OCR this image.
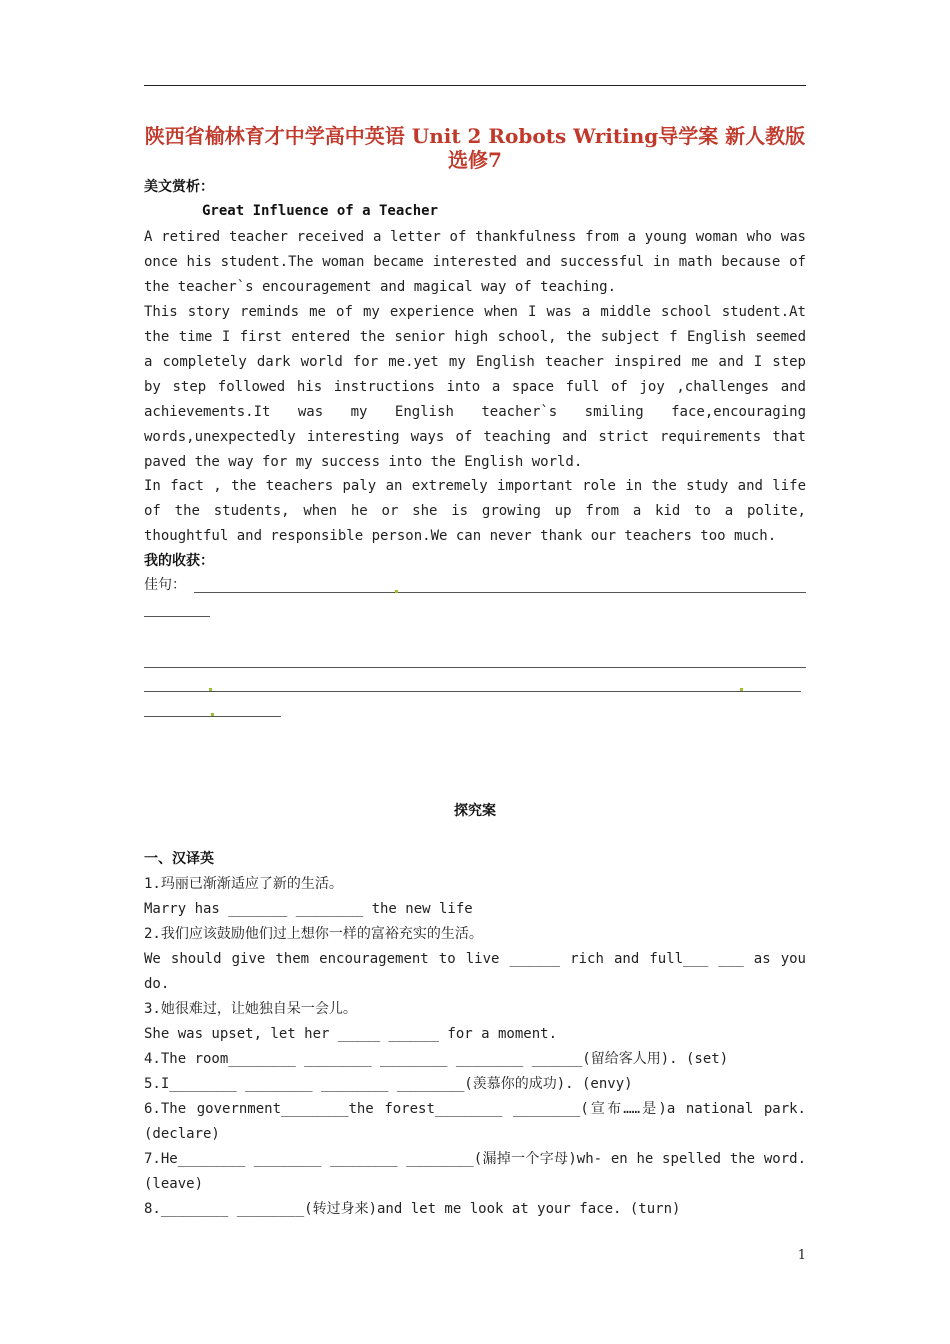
陕西省榆林育才中学高中英语 Unit 2 Robots Writing导学案 新人教版选修7
美文赏析：
Great Influence of a Teacher
A retired teacher received a letter of thankfulness from a young woman who was once his student.The woman became interested and successful in math because of the teacher`s encouragement and magical way of teaching.
This story reminds me of my experience when I was a middle school student.At the time I first entered the senior high school, the subject f English seemed a completely dark world for me.yet my English teacher inspired me and I step by step followed his instructions into a space full of joy ,challenges and achievements.It was my English teacher`s smiling face,encouraging words,unexpectedly interesting ways of teaching and strict requirements that paved the way for my success into the English world.
In fact , the teachers paly an extremely important role in the study and life of the students, when he or she is growing up from a kid to a polite, thoughtful and responsible person.We can never thank our teachers too much.
我的收获：
佳句：
探究案
一、汉译英
1.玛丽已渐渐适应了新的生活。
Marry has _______ ________ the new life
2.我们应该鼓励他们过上想你一样的富裕充实的生活。
We should give them encouragement to live ______ rich and full___ ___ as you do.
3.她很难过，让她独自呆一会儿。
She was upset, let her _____ ______ for a moment.
4.The room________ ________ ________ ________ ______(留给客人用). (set)
5.I________ ________ ________ ________(羡慕你的成功). (envy)
6.The government________the forest________ ________(宣布……是)a national park.(declare)
7.He________ ________ ________ ________(漏掉一个字母)wh- en he spelled the word.(leave)
8.________ ________(转过身来)and let me look at your face. (turn)
1
